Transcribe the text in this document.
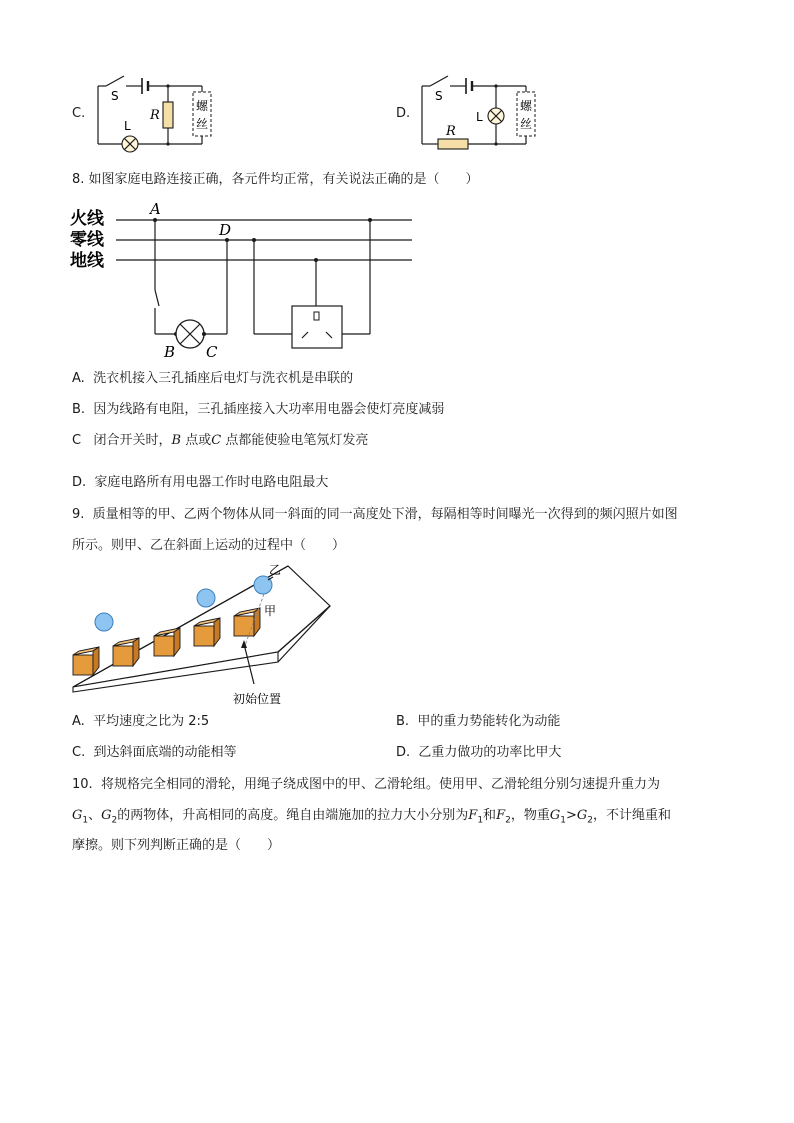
C.
S
R
L
螺
丝
D.
S
L
R
螺
丝
8. 如图家庭电路连接正确，各元件均正常，有关说法正确的是（　　）
火线
零线
地线
A
D
B C
A. 洗衣机接入三孔插座后电灯与洗衣机是串联的
B. 因为线路有电阻，三孔插座接入大功率用电器会使灯亮度减弱
C 闭合开关时，B 点或C 点都能使验电笔氖灯发亮
D. 家庭电路所有用电器工作时电路电阻最大
9. 质量相等的甲、乙两个物体从同一斜面的同一高度处下滑，每隔相等时间曝光一次得到的频闪照片如图
所示。则甲、乙在斜面上运动的过程中（　　）
乙
甲
初始位置
A. 平均速度之比为 2:5	B. 甲的重力势能转化为动能
C. 到达斜面底端的动能相等	D. 乙重力做功的功率比甲大
10. 将规格完全相同的滑轮，用绳子绕成图中的甲、乙滑轮组。使用甲、乙滑轮组分别匀速提升重力为
$G_1$、$G_2$的两物体，升高相同的高度。绳自由端施加的拉力大小分别为$F_1$和$F_2$，物重$G_1>G_2$，不计绳重和
摩擦。则下列判断正确的是（　　）
